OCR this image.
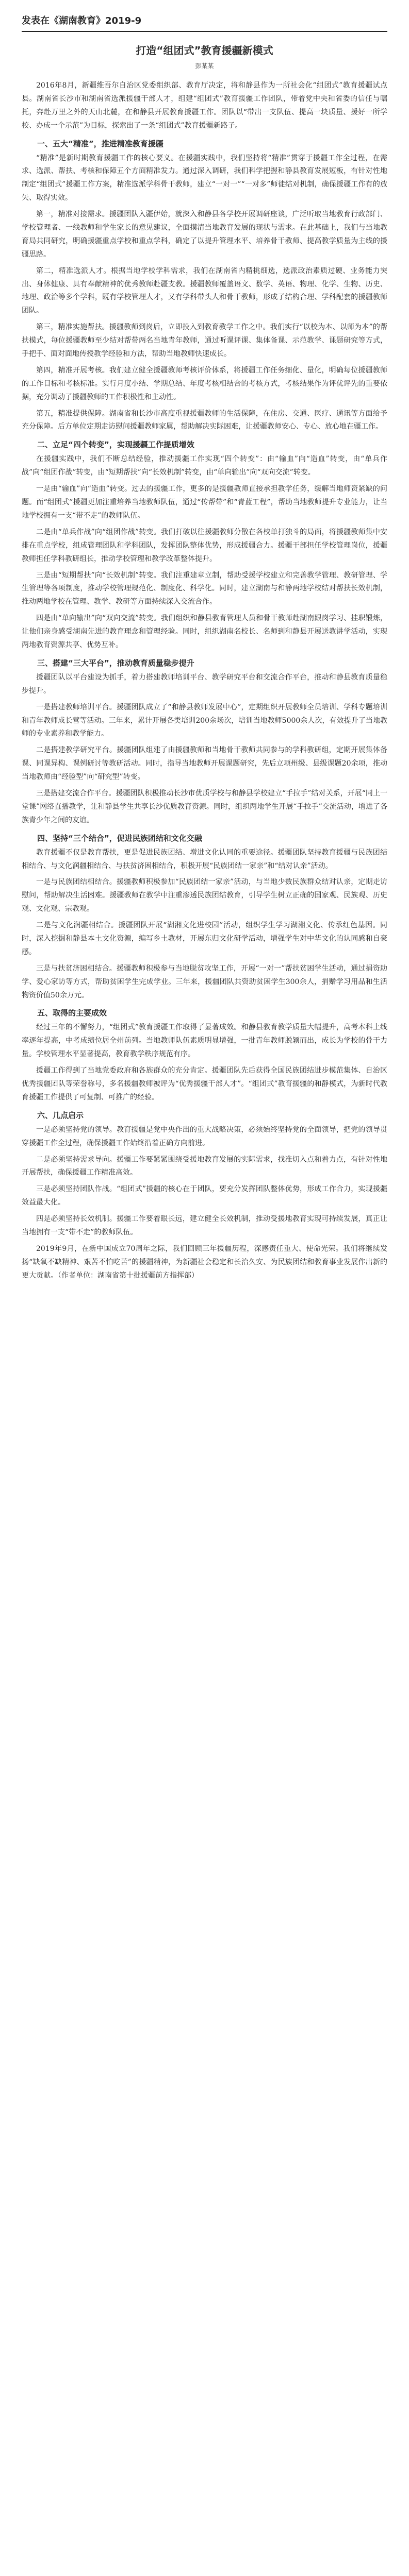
发表在《湖南教育》2019-9
打造“组团式”教育援疆新模式
彭某某

2016年8月，新疆维吾尔自治区党委组织部、教育厅决定，将和静县作为一所社会化“组团式”教育援疆试点县。湖南省长沙市和湖南省选派援疆干部人才，组建“组团式”教育援疆工作团队，带着党中央和省委的信任与嘱托，奔赴万里之外的天山北麓，在和静县开展教育援疆工作。团队以“带出一支队伍、提高一块质量、援好一所学校、办成一个示范”为目标，探索出了一条“组团式”教育援疆新路子。

一、五大“精准”，推进精准教育援疆

“精准”是新时期教育援疆工作的核心要义。在援疆实践中，我们坚持将“精准”贯穿于援疆工作全过程，在需求、选派、帮扶、考核和保障五个方面精准发力。通过深入调研，我们科学把握和静县教育发展短板，有针对性地制定“组团式”援疆工作方案，精准选派学科骨干教师，建立“一对一”“一对多”师徒结对机制，确保援疆工作有的放矢、取得实效。

第一，精准对接需求。援疆团队入疆伊始，就深入和静县各学校开展调研座谈，广泛听取当地教育行政部门、学校管理者、一线教师和学生家长的意见建议，全面摸清当地教育发展的现状与需求。在此基础上，我们与当地教育局共同研究，明确援疆重点学校和重点学科，确定了以提升管理水平、培养骨干教师、提高教学质量为主线的援疆思路。

第二，精准选派人才。根据当地学校学科需求，我们在湖南省内精挑细选，选派政治素质过硬、业务能力突出、身体健康、具有奉献精神的优秀教师赴疆支教。援疆教师覆盖语文、数学、英语、物理、化学、生物、历史、地理、政治等多个学科，既有学校管理人才，又有学科带头人和骨干教师，形成了结构合理、学科配套的援疆教师团队。

第三，精准实施帮扶。援疆教师到岗后，立即投入到教育教学工作之中。我们实行“以校为本、以师为本”的帮扶模式，每位援疆教师至少结对帮带两名当地青年教师，通过听课评课、集体备课、示范教学、课题研究等方式，手把手、面对面地传授教学经验和方法，帮助当地教师快速成长。

第四，精准开展考核。我们建立健全援疆教师考核评价体系，将援疆工作任务细化、量化，明确每位援疆教师的工作目标和考核标准。实行月度小结、学期总结、年度考核相结合的考核方式，考核结果作为评优评先的重要依据，充分调动了援疆教师的工作积极性和主动性。

第五，精准提供保障。湖南省和长沙市高度重视援疆教师的生活保障，在住房、交通、医疗、通讯等方面给予充分保障。后方单位定期走访慰问援疆教师家属，帮助解决实际困难，让援疆教师安心、专心、放心地在疆工作。

二、立足“四个转变”，实现援疆工作提质增效

在援疆实践中，我们不断总结经验，推动援疆工作实现“四个转变”：由“输血”向“造血”转变，由“单兵作战”向“组团作战”转变，由“短期帮扶”向“长效机制”转变，由“单向输出”向“双向交流”转变。

一是由“输血”向“造血”转变。过去的援疆工作，更多的是援疆教师直接承担教学任务，缓解当地师资紧缺的问题。而“组团式”援疆更加注重培养当地教师队伍，通过“传帮带”和“青蓝工程”，帮助当地教师提升专业能力，让当地学校拥有一支“带不走”的教师队伍。

二是由“单兵作战”向“组团作战”转变。我们打破以往援疆教师分散在各校单打独斗的局面，将援疆教师集中安排在重点学校，组成管理团队和学科团队，发挥团队整体优势，形成援疆合力。援疆干部担任学校管理岗位，援疆教师担任学科教研组长，推动学校管理和教学改革整体提升。

三是由“短期帮扶”向“长效机制”转变。我们注重建章立制，帮助受援学校建立和完善教学管理、教研管理、学生管理等各项制度，推动学校管理规范化、制度化、科学化。同时，建立湖南与和静两地学校结对帮扶长效机制，推动两地学校在管理、教学、教研等方面持续深入交流合作。

四是由“单向输出”向“双向交流”转变。我们组织和静县教育管理人员和骨干教师赴湖南跟岗学习、挂职锻炼，让他们亲身感受湖南先进的教育理念和管理经验。同时，组织湖南名校长、名师到和静县开展送教讲学活动，实现两地教育资源共享、优势互补。

三、搭建“三大平台”，推动教育质量稳步提升

援疆团队以平台建设为抓手，着力搭建教师培训平台、教学研究平台和交流合作平台，推动和静县教育质量稳步提升。

一是搭建教师培训平台。援疆团队成立了“和静县教师发展中心”，定期组织开展教师全员培训、学科专题培训和青年教师成长营等活动。三年来，累计开展各类培训200余场次，培训当地教师5000余人次，有效提升了当地教师的专业素养和教学能力。

二是搭建教学研究平台。援疆团队组建了由援疆教师和当地骨干教师共同参与的学科教研组，定期开展集体备课、同课异构、课例研讨等教研活动。同时，指导当地教师开展课题研究，先后立项州级、县级课题20余项，推动当地教师由“经验型”向“研究型”转变。

三是搭建交流合作平台。援疆团队积极推动长沙市优质学校与和静县学校建立“手拉手”结对关系，开展“同上一堂课”网络直播教学，让和静县学生共享长沙优质教育资源。同时，组织两地学生开展“手拉手”交流活动，增进了各族青少年之间的友谊。

四、坚持“三个结合”，促进民族团结和文化交融

教育援疆不仅是教育帮扶，更是促进民族团结、增进文化认同的重要途径。援疆团队坚持教育援疆与民族团结相结合、与文化润疆相结合、与扶贫济困相结合，积极开展“民族团结一家亲”和“结对认亲”活动。

一是与民族团结相结合。援疆教师积极参加“民族团结一家亲”活动，与当地少数民族群众结对认亲，定期走访慰问，帮助解决生活困难。援疆教师在教学中注重渗透民族团结教育，引导学生树立正确的国家观、民族观、历史观、文化观、宗教观。

二是与文化润疆相结合。援疆团队开展“湖湘文化进校园”活动，组织学生学习湖湘文化、传承红色基因。同时，深入挖掘和静县本土文化资源，编写乡土教材，开展东归文化研学活动，增强学生对中华文化的认同感和自豪感。

三是与扶贫济困相结合。援疆教师积极参与当地脱贫攻坚工作，开展“一对一”帮扶贫困学生活动，通过捐资助学、爱心家访等方式，帮助贫困学生完成学业。三年来，援疆团队共资助贫困学生300余人，捐赠学习用品和生活物资价值50余万元。

五、取得的主要成效

经过三年的不懈努力，“组团式”教育援疆工作取得了显著成效。和静县教育教学质量大幅提升，高考本科上线率逐年提高，中考成绩位居全州前列。当地教师队伍素质明显增强，一批青年教师脱颖而出，成长为学校的骨干力量。学校管理水平显著提高，教育教学秩序规范有序。

援疆工作得到了当地党委政府和各族群众的充分肯定。援疆团队先后获得全国民族团结进步模范集体、自治区优秀援疆团队等荣誉称号，多名援疆教师被评为“优秀援疆干部人才”。“组团式”教育援疆的和静模式，为新时代教育援疆工作提供了可复制、可推广的经验。

六、几点启示

一是必须坚持党的领导。教育援疆是党中央作出的重大战略决策，必须始终坚持党的全面领导，把党的领导贯穿援疆工作全过程，确保援疆工作始终沿着正确方向前进。

二是必须坚持需求导向。援疆工作要紧紧围绕受援地教育发展的实际需求，找准切入点和着力点，有针对性地开展帮扶，确保援疆工作精准高效。

三是必须坚持团队作战。“组团式”援疆的核心在于团队，要充分发挥团队整体优势，形成工作合力，实现援疆效益最大化。

四是必须坚持长效机制。援疆工作要着眼长远，建立健全长效机制，推动受援地教育实现可持续发展，真正让当地拥有一支“带不走”的教师队伍。

2019年9月，在新中国成立70周年之际，我们回顾三年援疆历程，深感责任重大、使命光荣。我们将继续发扬“缺氧不缺精神、艰苦不怕吃苦”的援疆精神，为新疆社会稳定和长治久安、为民族团结和教育事业发展作出新的更大贡献。（作者单位：湖南省第十批援疆前方指挥部）
